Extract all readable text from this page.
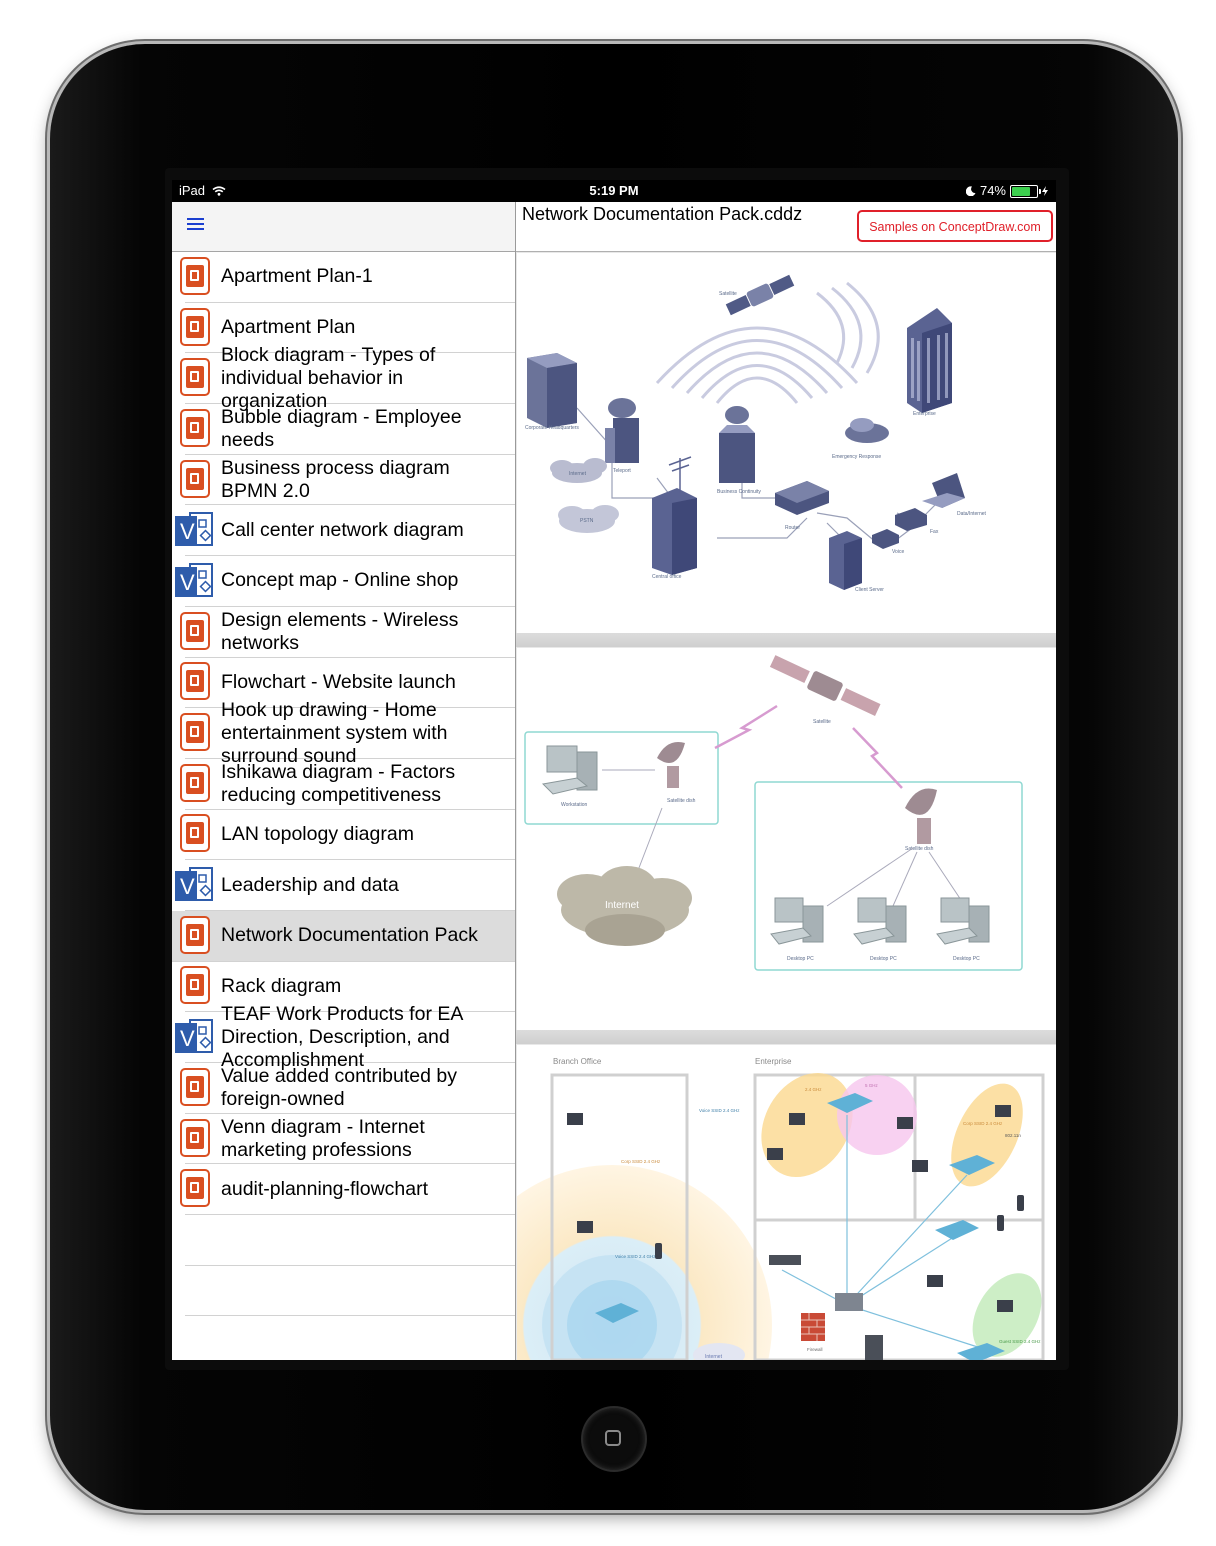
iPad	5:19 PM	74%
Apartment Plan-1
Apartment Plan
Block diagram - Types of individual behavior in organization
Bubble diagram - Employee needs
Business process diagram BPMN 2.0
V Call center network diagram
V Concept map - Online shop
Design elements - Wireless networks
Flowchart - Website launch
Hook up drawing - Home entertainment system with surround sound
Ishikawa diagram - Factors reducing competitiveness
LAN topology diagram
V Leadership and data
Network Documentation Pack
Rack diagram
V
TEAF Work Products for EA Direction, Description, and Accomplishment
Value added contributed by foreign-owned
Venn diagram - Internet marketing professions
audit-planning-flowchart
Network Documentation Pack.cddz
Samples on ConceptDraw.com
Satellite
Corporate Headquarters
Enterprise
Teleport
Internet
PSTN
Emergency Response
Business Continuity
Central office
Router
Client Server
Data/Internet
Fax
Voice
Satellite
Workstation
Satellite dish
Internet
Satellite dish
Desktop PC	Desktop PC	Desktop PC
Branch Office	Enterprise
Firewall
Voice SSID 2.4 GHz
Corp SSID 2.4 GHz
Voice SSID 2.4 GHz
2.4 GHz
5 GHz
Corp SSID 2.4 GHz
802.11n
Guest SSID 2.4 GHz
Internet
